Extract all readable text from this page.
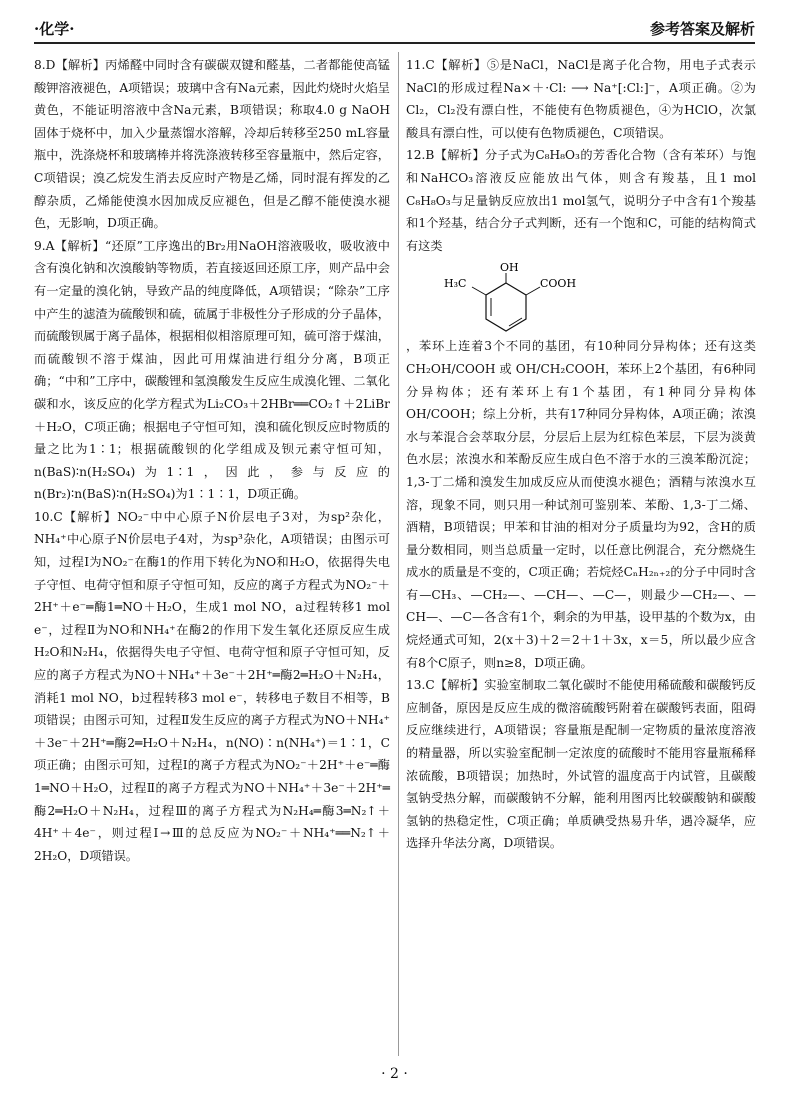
·化学·	参考答案及解析

8.D【解析】丙烯醛中同时含有碳碳双键和醛基，二者都能使高锰酸钾溶液褪色，A项错误；玻璃中含有Na元素，因此灼烧时火焰呈黄色，不能证明溶液中含Na元素，B项错误；称取4.0 g NaOH固体于烧杯中，加入少量蒸馏水溶解，冷却后转移至250 mL容量瓶中，洗涤烧杯和玻璃棒并将洗涤液转移至容量瓶中，然后定容，C项错误；溴乙烷发生消去反应时产物是乙烯，同时混有挥发的乙醇杂质，乙烯能使溴水因加成反应褪色，但是乙醇不能使溴水褪色，无影响，D项正确。

9.A【解析】“还原”工序逸出的Br₂用NaOH溶液吸收，吸收液中含有溴化钠和次溴酸钠等物质，若直接返回还原工序，则产品中会有一定量的溴化钠，导致产品的纯度降低，A项错误；“除杂”工序中产生的滤渣为硫酸钡和硫，硫属于非极性分子形成的分子晶体，而硫酸钡属于离子晶体，根据相似相溶原理可知，硫可溶于煤油，而硫酸钡不溶于煤油，因此可用煤油进行组分分离，B项正确；“中和”工序中，碳酸锂和氢溴酸发生反应生成溴化锂、二氧化碳和水，该反应的化学方程式为Li₂CO₃＋2HBr══CO₂↑＋2LiBr＋H₂O，C项正确；根据电子守恒可知，溴和硫化钡反应时物质的量之比为1∶1；根据硫酸钡的化学组成及钡元素守恒可知，n(BaS)∶n(H₂SO₄)为1∶1，因此，参与反应的n(Br₂)∶n(BaS)∶n(H₂SO₄)为1∶1∶1，D项正确。

10.C【解析】NO₂⁻中中心原子N价层电子3对，为sp²杂化，NH₄⁺中心原子N价层电子4对，为sp³杂化，A项错误；由图示可知，过程Ⅰ为NO₂⁻在酶1的作用下转化为NO和H₂O，依据得失电子守恒、电荷守恒和原子守恒可知，反应的离子方程式为NO₂⁻＋2H⁺＋e⁻═酶1═NO＋H₂O，生成1 mol NO，a过程转移1 mol e⁻，过程Ⅱ为NO和NH₄⁺在酶2的作用下发生氧化还原反应生成H₂O和N₂H₄，依据得失电子守恒、电荷守恒和原子守恒可知，反应的离子方程式为NO＋NH₄⁺＋3e⁻＋2H⁺═酶2═H₂O＋N₂H₄，消耗1 mol NO，b过程转移3 mol e⁻，转移电子数目不相等，B项错误；由图示可知，过程Ⅱ发生反应的离子方程式为NO＋NH₄⁺＋3e⁻＋2H⁺═酶2═H₂O＋N₂H₄，n(NO)∶n(NH₄⁺)＝1∶1，C项正确；由图示可知，过程Ⅰ的离子方程式为NO₂⁻＋2H⁺＋e⁻═酶1═NO＋H₂O，过程Ⅱ的离子方程式为NO＋NH₄⁺＋3e⁻＋2H⁺═酶2═H₂O＋N₂H₄，过程Ⅲ的离子方程式为N₂H₄═酶3═N₂↑＋4H⁺＋4e⁻，则过程Ⅰ→Ⅲ的总反应为NO₂⁻＋NH₄⁺══N₂↑＋2H₂O，D项错误。

11.C【解析】⑤是NaCl，NaCl是离子化合物，用电子式表示NaCl的形成过程Na×＋·Cl: ⟶ Na⁺[:Cl:]⁻，A项正确。②为Cl₂，Cl₂没有漂白性，不能使有色物质褪色，④为HClO，次氯酸具有漂白性，可以使有色物质褪色，C项错误。

12.B【解析】分子式为C₈H₈O₃的芳香化合物（含有苯环）与饱和NaHCO₃溶液反应能放出气体，则含有羧基，且1 mol C₈H₈O₃与足量钠反应放出1 mol氢气，说明分子中含有1个羧基和1个羟基，结合分子式判断，还有一个饱和C，可能的结构简式有这类

H₃C
OH
COOH

，苯环上连着3个不同的基团，有10种同分异构体；还有这类 CH₂OH/COOH 或 OH/CH₂COOH，苯环上2个基团，有6种同分异构体；还有苯环上有1个基团，有1种同分异构体 OH/COOH；综上分析，共有17种同分异构体，A项正确；浓溴水与苯混合会萃取分层，分层后上层为红棕色苯层，下层为淡黄色水层；浓溴水和苯酚反应生成白色不溶于水的三溴苯酚沉淀；1,3-丁二烯和溴发生加成反应从而使溴水褪色；酒精与浓溴水互溶，现象不同，则只用一种试剂可鉴别苯、苯酚、1,3-丁二烯、酒精，B项错误；甲苯和甘油的相对分子质量均为92，含H的质量分数相同，则当总质量一定时，以任意比例混合，充分燃烧生成水的质量是不变的，C项正确；若烷烃CₙH₂ₙ₊₂的分子中同时含有—CH₃、—CH₂—、—CH—、—C—，则最少—CH₂—、—CH—、—C—各含有1个，剩余的为甲基，设甲基的个数为x，由烷烃通式可知，2(x＋3)＋2＝2＋1＋3x，x＝5，所以最少应含有8个C原子，则n≥8，D项正确。

13.C【解析】实验室制取二氧化碳时不能使用稀硫酸和碳酸钙反应制备，原因是反应生成的微溶硫酸钙附着在碳酸钙表面，阻碍反应继续进行，A项错误；容量瓶是配制一定物质的量浓度溶液的精量器，所以实验室配制一定浓度的硫酸时不能用容量瓶稀释浓硫酸，B项错误；加热时，外试管的温度高于内试管，且碳酸氢钠受热分解，而碳酸钠不分解，能利用图丙比较碳酸钠和碳酸氢钠的热稳定性，C项正确；单质碘受热易升华，遇冷凝华，应选择升华法分离，D项错误。

· 2 ·
